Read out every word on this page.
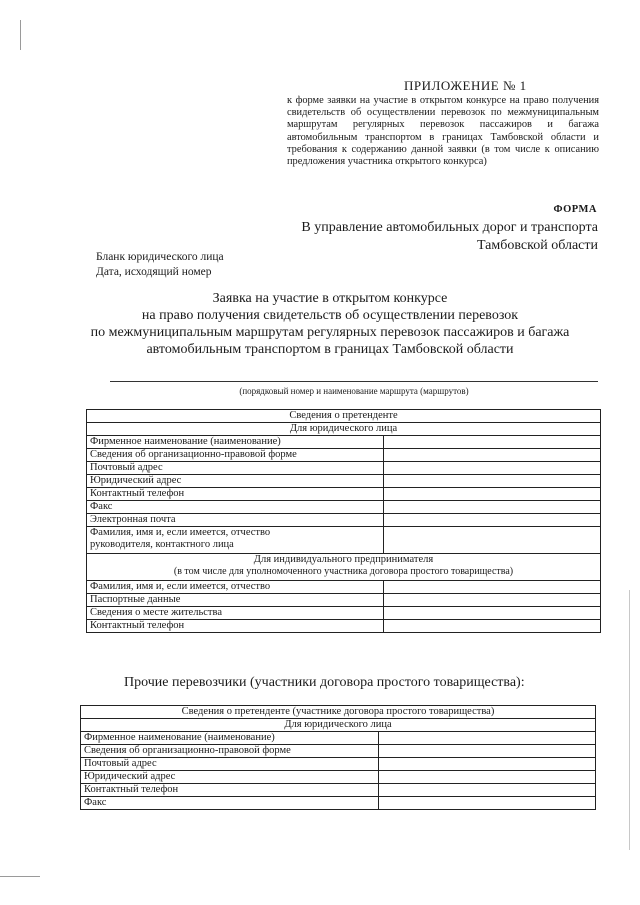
ПРИЛОЖЕНИЕ № 1
к форме заявки на участие в открытом конкурсе на право получения свидетельств об осуществлении перевозок по межмуниципальным маршрутам регулярных перевозок пассажиров и багажа автомобильным транспортом в границах Тамбовской области и требования к содержанию данной заявки (в том числе к описанию предложения участника открытого конкурса)
ФОРМА
В управление автомобильных дорог и транспорта
Тамбовской области
Бланк юридического лица
Дата, исходящий номер
Заявка на участие в открытом конкурсе
на право получения свидетельств об осуществлении перевозок
по межмуниципальным маршрутам регулярных перевозок пассажиров и багажа
автомобильным транспортом в границах Тамбовской области
(порядковый номер и наименование маршрута (маршрутов)
Сведения о претенденте	
Для юридического лица	
Фирменное наименование (наименование)	
Сведения об организационно-правовой форме	
Почтовый адрес	
Юридический адрес	
Контактный телефон	
Факс	
Электронная почта	

Фамилия, имя и, если имеется, отчество
руководителя, контактного лица	

Для индивидуального предпринимателя
(в том числе для уполномоченного участника договора простого товарищества)	

Фамилия, имя и, если имеется, отчество	
Паспортные данные	
Сведения о месте жительства	
Контактный телефон	
Прочие перевозчики (участники договора простого товарищества):
Сведения о претенденте (участнике договора простого товарищества)	
Для юридического лица	
Фирменное наименование (наименование)	
Сведения об организационно-правовой форме	
Почтовый адрес	
Юридический адрес	
Контактный телефон	
Факс	
